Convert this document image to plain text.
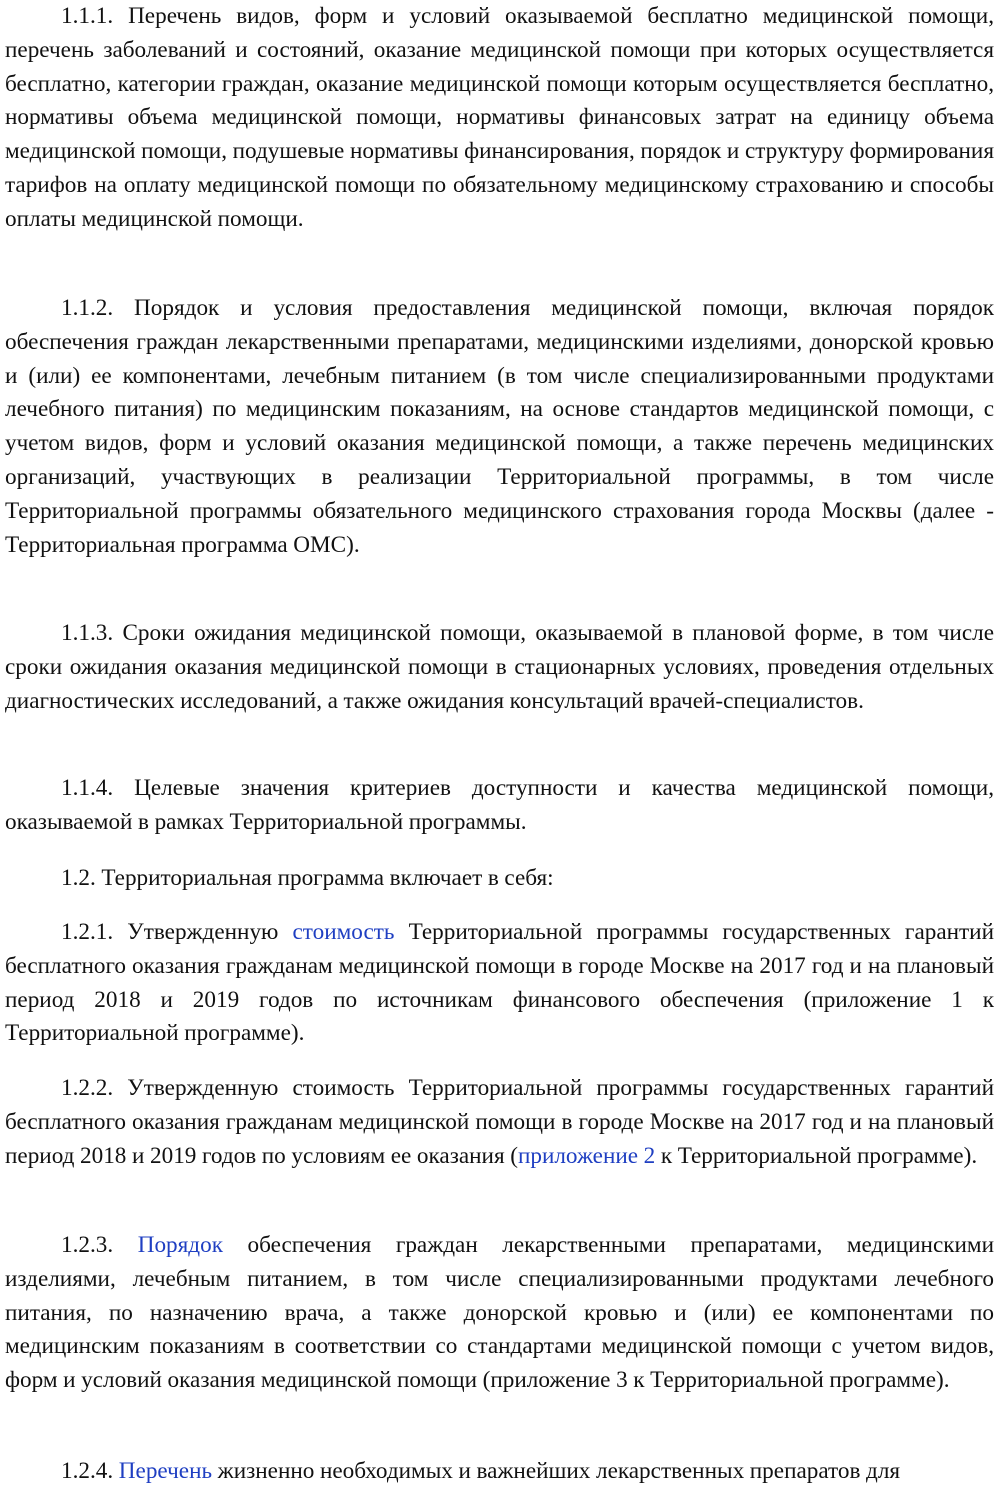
1.1.1. Перечень видов, форм и условий оказываемой бесплатно медицинской помощи, перечень заболеваний и состояний, оказание медицинской помощи при которых осуществляется бесплатно, категории граждан, оказание медицинской помощи которым осуществляется бесплатно, нормативы объема медицинской помощи, нормативы финансовых затрат на единицу объема медицинской помощи, подушевые нормативы финансирования, порядок и структуру формирования тарифов на оплату медицинской помощи по обязательному медицинскому страхованию и способы оплаты медицинской помощи.

1.1.2. Порядок и условия предоставления медицинской помощи, включая порядок обеспечения граждан лекарственными препаратами, медицинскими изделиями, донорской кровью и (или) ее компонентами, лечебным питанием (в том числе специализированными продуктами лечебного питания) по медицинским показаниям, на основе стандартов медицинской помощи, с учетом видов, форм и условий оказания медицинской помощи, а также перечень медицинских организаций, участвующих в реализации Территориальной программы, в том числе Территориальной программы обязательного медицинского страхования города Москвы (далее - Территориальная программа ОМС).

1.1.3. Сроки ожидания медицинской помощи, оказываемой в плановой форме, в том числе сроки ожидания оказания медицинской помощи в стационарных условиях, проведения отдельных диагностических исследований, а также ожидания консультаций врачей-специалистов.

1.1.4. Целевые значения критериев доступности и качества медицинской помощи, оказываемой в рамках Территориальной программы.

1.2. Территориальная программа включает в себя:

1.2.1. Утвержденную стоимость Территориальной программы государственных гарантий бесплатного оказания гражданам медицинской помощи в городе Москве на 2017 год и на плановый период 2018 и 2019 годов по источникам финансового обеспечения (приложение 1 к Территориальной программе).

1.2.2. Утвержденную стоимость Территориальной программы государственных гарантий бесплатного оказания гражданам медицинской помощи в городе Москве на 2017 год и на плановый период 2018 и 2019 годов по условиям ее оказания (приложение 2 к Территориальной программе).

1.2.3. Порядок обеспечения граждан лекарственными препаратами, медицинскими изделиями, лечебным питанием, в том числе специализированными продуктами лечебного питания, по назначению врача, а также донорской кровью и (или) ее компонентами по медицинским показаниям в соответствии со стандартами медицинской помощи с учетом видов, форм и условий оказания медицинской помощи (приложение 3 к Территориальной программе).

1.2.4. Перечень жизненно необходимых и важнейших лекарственных препаратов для
